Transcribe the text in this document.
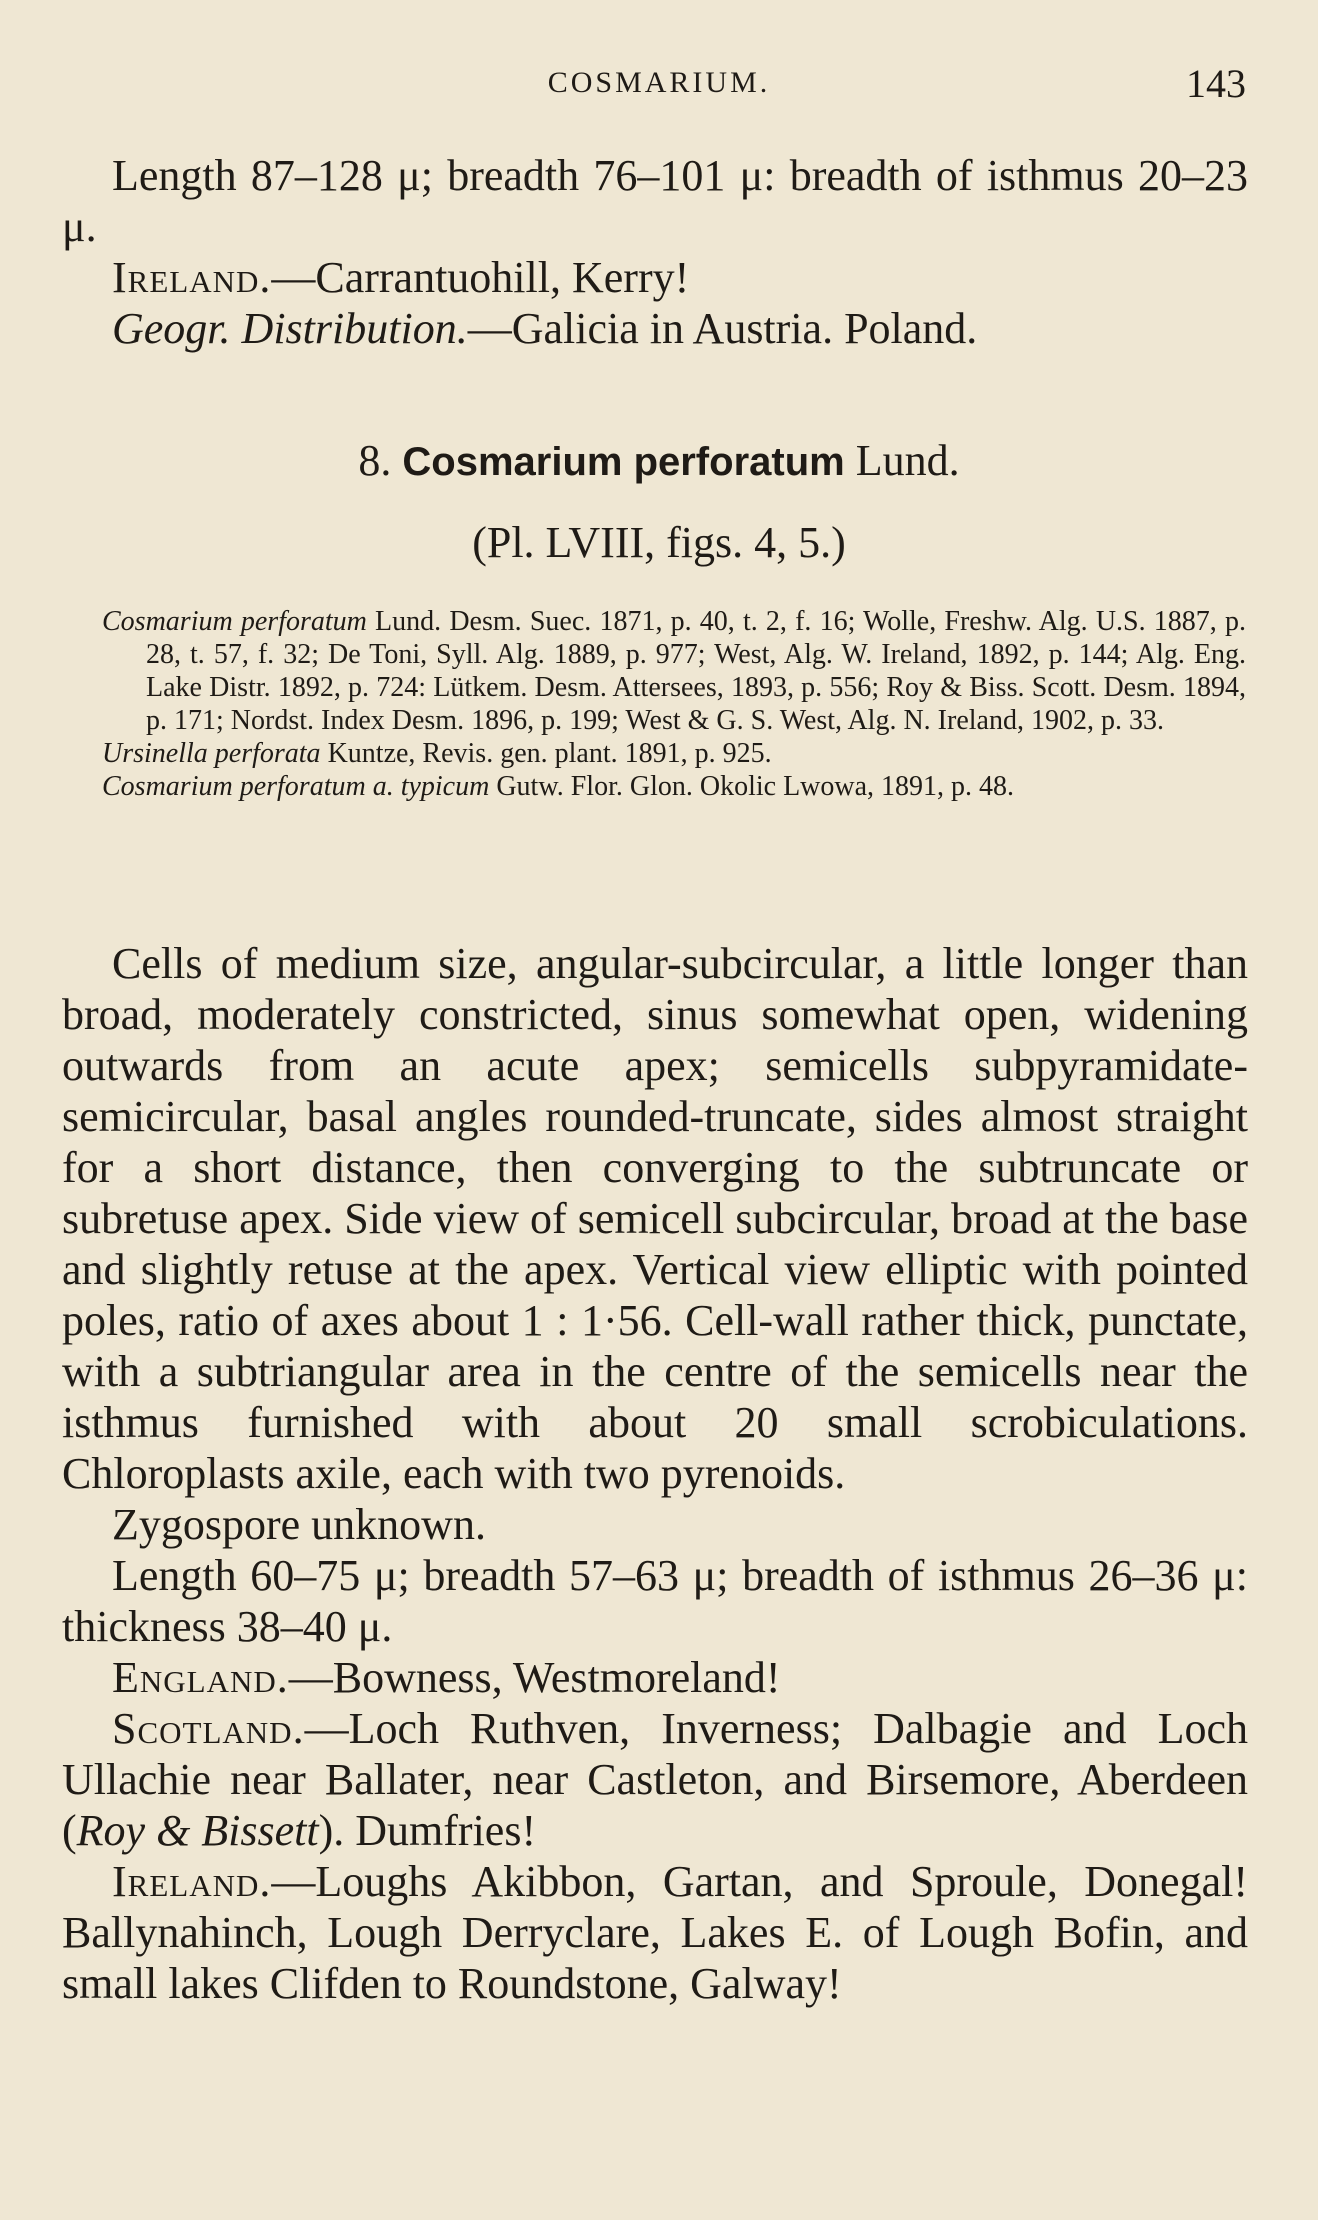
COSMARIUM.	143

Length 87–128 μ; breadth 76–101 μ: breadth of isthmus 20–23 μ.

Ireland.—Carrantuohill, Kerry!

Geogr. Distribution.—Galicia in Austria. Poland.

8. Cosmarium perforatum Lund.
(Pl. LVIII, figs. 4, 5.)

Cosmarium perforatum Lund. Desm. Suec. 1871, p. 40, t. 2, f. 16; Wolle, Freshw. Alg. U.S. 1887, p. 28, t. 57, f. 32; De Toni, Syll. Alg. 1889, p. 977; West, Alg. W. Ireland, 1892, p. 144; Alg. Eng. Lake Distr. 1892, p. 724: Lütkem. Desm. Attersees, 1893, p. 556; Roy & Biss. Scott. Desm. 1894, p. 171; Nordst. Index Desm. 1896, p. 199; West & G. S. West, Alg. N. Ireland, 1902, p. 33.

Ursinella perforata Kuntze, Revis. gen. plant. 1891, p. 925.

Cosmarium perforatum a. typicum Gutw. Flor. Glon. Okolic Lwowa, 1891, p. 48.

Cells of medium size, angular-subcircular, a little longer than broad, moderately constricted, sinus somewhat open, widening outwards from an acute apex; semicells subpyramidate-semicircular, basal angles rounded-truncate, sides almost straight for a short distance, then converging to the subtruncate or subretuse apex. Side view of semicell subcircular, broad at the base and slightly retuse at the apex. Vertical view elliptic with pointed poles, ratio of axes about 1 : 1·56. Cell-wall rather thick, punctate, with a subtriangular area in the centre of the semicells near the isthmus furnished with about 20 small scrobiculations. Chloroplasts axile, each with two pyrenoids.

Zygospore unknown.

Length 60–75 μ; breadth 57–63 μ; breadth of isthmus 26–36 μ: thickness 38–40 μ.

England.—Bowness, Westmoreland!

Scotland.—Loch Ruthven, Inverness; Dalbagie and Loch Ullachie near Ballater, near Castleton, and Birsemore, Aberdeen (Roy & Bissett). Dumfries!

Ireland.—Loughs Akibbon, Gartan, and Sproule, Donegal! Ballynahinch, Lough Derryclare, Lakes E. of Lough Bofin, and small lakes Clifden to Roundstone, Galway!
